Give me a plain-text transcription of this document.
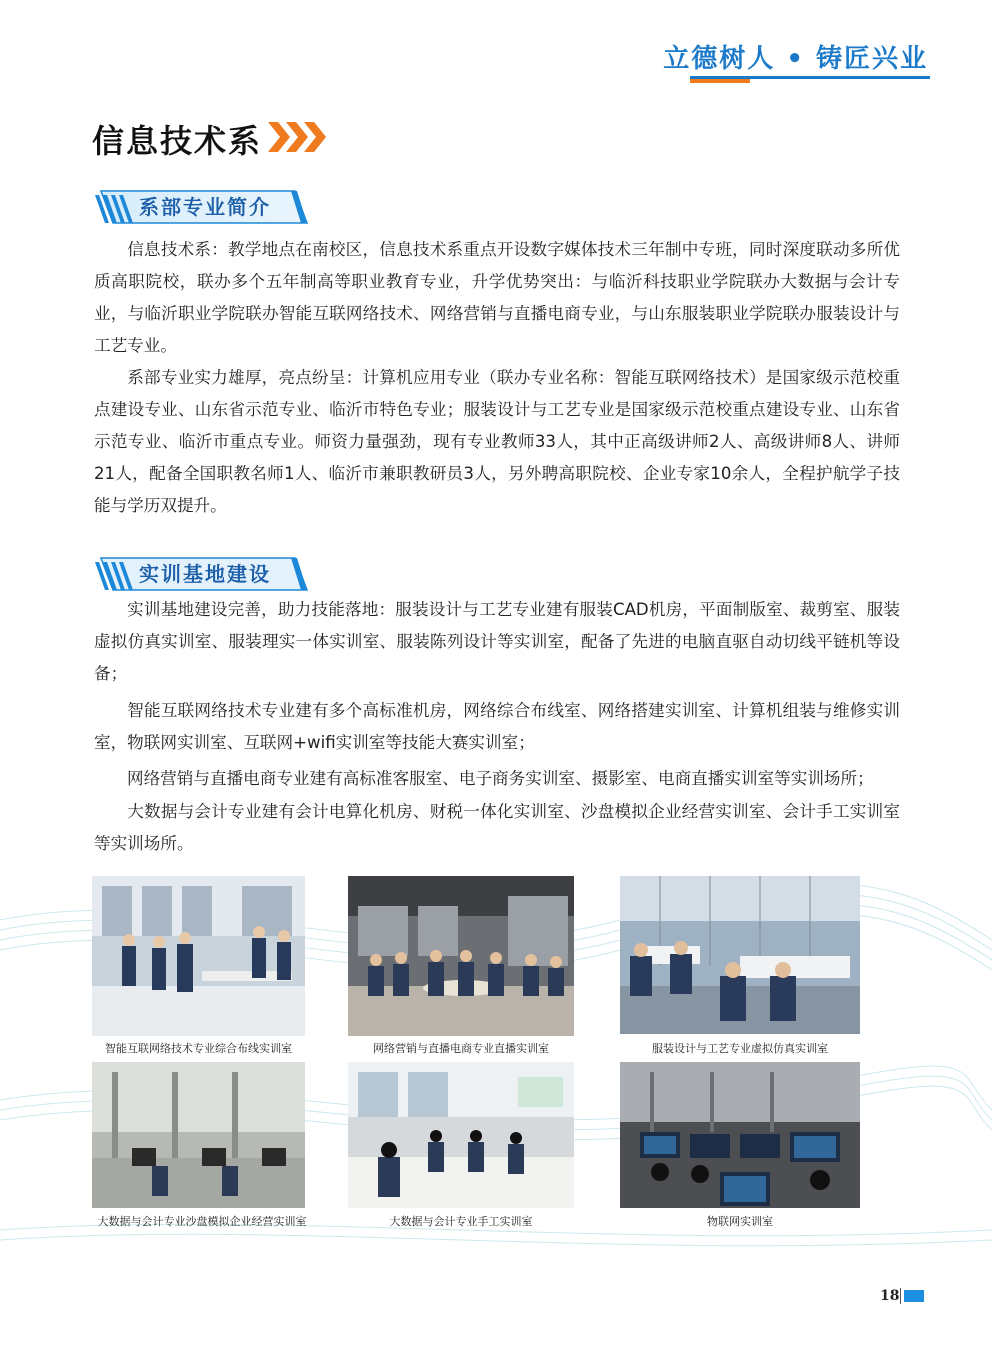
立德树人 • 铸匠兴业
信息技术系
系部专业简介
信息技术系：教学地点在南校区，信息技术系重点开设数字媒体技术三年制中专班，同时深度联动多所优质高职院校，联办多个五年制高等职业教育专业，升学优势突出：与临沂科技职业学院联办大数据与会计专业，与临沂职业学院联办智能互联网络技术、网络营销与直播电商专业，与山东服装职业学院联办服装设计与工艺专业。
系部专业实力雄厚，亮点纷呈：计算机应用专业（联办专业名称：智能互联网络技术）是国家级示范校重点建设专业、山东省示范专业、临沂市特色专业；服装设计与工艺专业是国家级示范校重点建设专业、山东省示范专业、临沂市重点专业。师资力量强劲，现有专业教师33人，其中正高级讲师2人、高级讲师8人、讲师21人，配备全国职教名师1人、临沂市兼职教研员3人，另外聘高职院校、企业专家10余人，全程护航学子技能与学历双提升。
实训基地建设
实训基地建设完善，助力技能落地：服装设计与工艺专业建有服装CAD机房，平面制版室、裁剪室、服装虚拟仿真实训室、服装理实一体实训室、服装陈列设计等实训室，配备了先进的电脑直驱自动切线平链机等设备；
智能互联网络技术专业建有多个高标准机房，网络综合布线室、网络搭建实训室、计算机组装与维修实训室，物联网实训室、互联网+wifi实训室等技能大赛实训室；
网络营销与直播电商专业建有高标准客服室、电子商务实训室、摄影室、电商直播实训室等实训场所；
大数据与会计专业建有会计电算化机房、财税一体化实训室、沙盘模拟企业经营实训室、会计手工实训室等实训场所。
智能互联网络技术专业综合布线实训室	网络营销与直播电商专业直播实训室	服装设计与工艺专业虚拟仿真实训室
大数据与会计专业沙盘模拟企业经营实训室	大数据与会计专业手工实训室	物联网实训室
18
